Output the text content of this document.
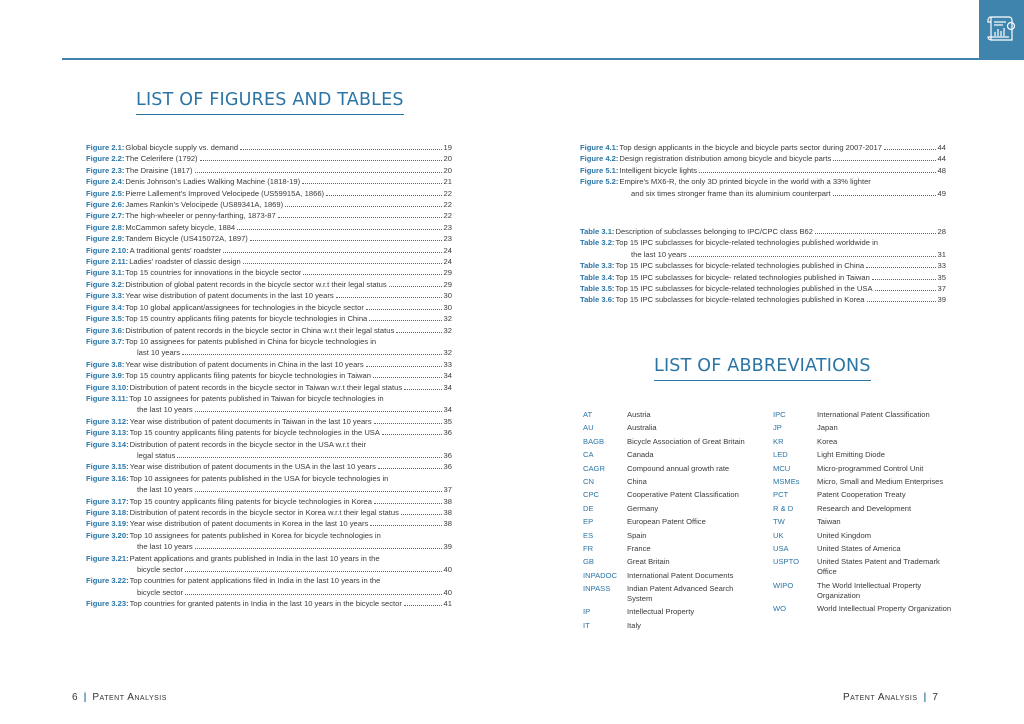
LIST OF FIGURES AND TABLES
LIST OF ABBREVIATIONS
Figure 2.1: Global bicycle supply vs. demand	19
Figure 2.2: The Celerifere (1792)	20
Figure 2.3: The Draisine (1817)	20
Figure 2.4: Denis Johnson’s Ladies Walking Machine (1818-19)	21
Figure 2.5: Pierre Lallement’s Improved Velocipede (US59915A, 1866)	22
Figure 2.6: James Rankin’s Velocipede (US89341A, 1869)	22
Figure 2.7: The high-wheeler or penny-farthing, 1873-87	22
Figure 2.8: McCammon safety bicycle, 1884	23
Figure 2.9: Tandem Bicycle (US415072A, 1897)	23
Figure 2.10: A traditional gents’ roadster	24
Figure 2.11: Ladies’ roadster of classic design	24
Figure 3.1: Top 15 countries for innovations in the bicycle sector	29
Figure 3.2: Distribution of global patent records in the bicycle sector w.r.t their legal status	29
Figure 3.3: Year wise distribution of patent documents in the last 10 years	30
Figure 3.4: Top 10 global applicant/assignees for technologies in the bicycle sector	30
Figure 3.5: Top 15 country applicants filing patents for bicycle technologies in China	32
Figure 3.6: Distribution of patent records in the bicycle sector in China w.r.t their legal status	32
Figure 3.7: Top 10 assignees for patents published in China for bicycle technologies in
last 10 years	32
Figure 3.8: Year wise distribution of patent documents in China in the last 10 years	33
Figure 3.9: Top 15 country applicants filing patents for bicycle technologies in Taiwan	34
Figure 3.10: Distribution of patent records in the bicycle sector in Taiwan w.r.t their legal status	34
Figure 3.11: Top 10 assignees for patents published in Taiwan for bicycle technologies in
the last 10 years	34
Figure 3.12: Year wise distribution of patent documents in Taiwan in the last 10 years	35
Figure 3.13: Top 15 country applicants filing patents for bicycle technologies in the USA	36
Figure 3.14: Distribution of patent records in the bicycle sector in the USA w.r.t their
legal status	36
Figure 3.15: Year wise distribution of patent documents in the USA in the last 10 years	36
Figure 3.16: Top 10 assignees for patents published in the USA for bicycle technologies in
the last 10 years	37
Figure 3.17: Top 15 country applicants filing patents for bicycle technologies in Korea	38
Figure 3.18: Distribution of patent records in the bicycle sector in Korea w.r.t their legal status	38
Figure 3.19: Year wise distribution of patent documents in Korea in the last 10 years	38
Figure 3.20: Top 10 assignees for patents published in Korea for bicycle technologies in
the last 10 years	39
Figure 3.21: Patent applications and grants published in India in the last 10 years in the
bicycle sector	40
Figure 3.22: Top countries for patent applications filed in India in the last 10 years in the
bicycle sector	40
Figure 3.23: Top countries for granted patents in India in the last 10 years in the bicycle sector	41
Figure 4.1: Top design applicants in the bicycle and bicycle parts sector during 2007-2017	44
Figure 4.2: Design registration distribution among bicycle and bicycle parts	44
Figure 5.1: Intelligent bicycle lights	48
Figure 5.2: Empire’s MX6-R, the only 3D printed bicycle in the world with a 33% lighter
and six times stronger frame than its aluminium counterpart	49
Table 3.1: Description of subclasses belonging to IPC/CPC class B62	28
Table 3.2: Top 15 IPC subclasses for bicycle-related technologies published worldwide in
the last 10 years	31
Table 3.3: Top 15 IPC subclasses for bicycle-related technologies published in China	33
Table 3.4: Top 15 IPC subclasses for bicycle- related technologies published in Taiwan	35
Table 3.5: Top 15 IPC subclasses for bicycle-related technologies published in the USA	37
Table 3.6: Top 15 IPC subclasses for bicycle-related technologies published in Korea	39
AT	Austria
AU	Australia
BAGB	Bicycle Association of Great Britain
CA	Canada
CAGR	Compound annual growth rate
CN	China
CPC	Cooperative Patent Classification
DE	Germany
EP	European Patent Office
ES	Spain
FR	France
GB	Great Britain
INPADOC	International Patent Documents
INPASS	Indian Patent Advanced Search System
IP	Intellectual Property
IT	Italy
IPC	International Patent Classification
JP	Japan
KR	Korea
LED	Light Emitting Diode
MCU	Micro-programmed Control Unit
MSMEs	Micro, Small and Medium Enterprises
PCT	Patent Cooperation Treaty
R & D	Research and Development
TW	Taiwan
UK	United Kingdom
USA	United States of America
USPTO	United States Patent and Trademark Office
WIPO	The World Intellectual Property Organization
WO	World Intellectual Property Organization
6 | Patent Analysis	Patent Analysis | 7
